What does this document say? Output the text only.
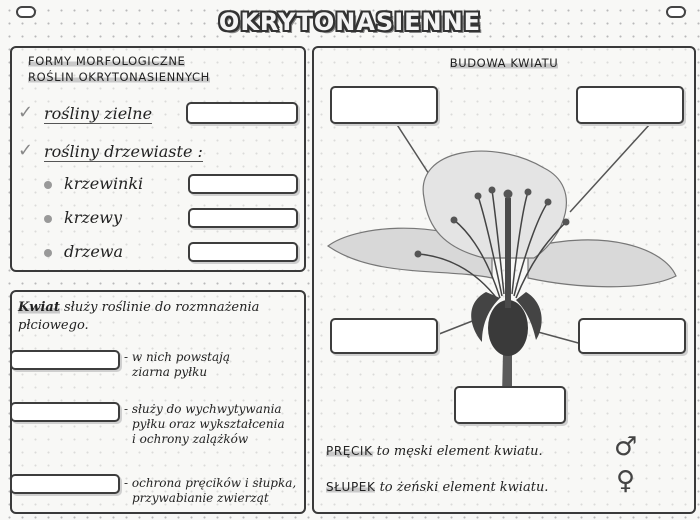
OKRYTONASIENNE
FORMY MORFOLOGICZNE
ROŚLIN OKRYTONASIENNYCH
✓ rośliny zielne
✓ rośliny drzewiaste :
krzewinki
krzewy
drzewa
Kwiat służy roślinie do rozmnażenia
płciowego.
- w nich powstają
ziarna pyłku
- służy do wychwytywania
pyłku oraz wykształcenia
i ochrony zalążków
- ochrona pręcików i słupka,
przywabianie zwierząt
BUDOWA KWIATU
PRĘCIK to męski element kwiatu.	♂
SŁUPEK to żeński element kwiatu.	♀
